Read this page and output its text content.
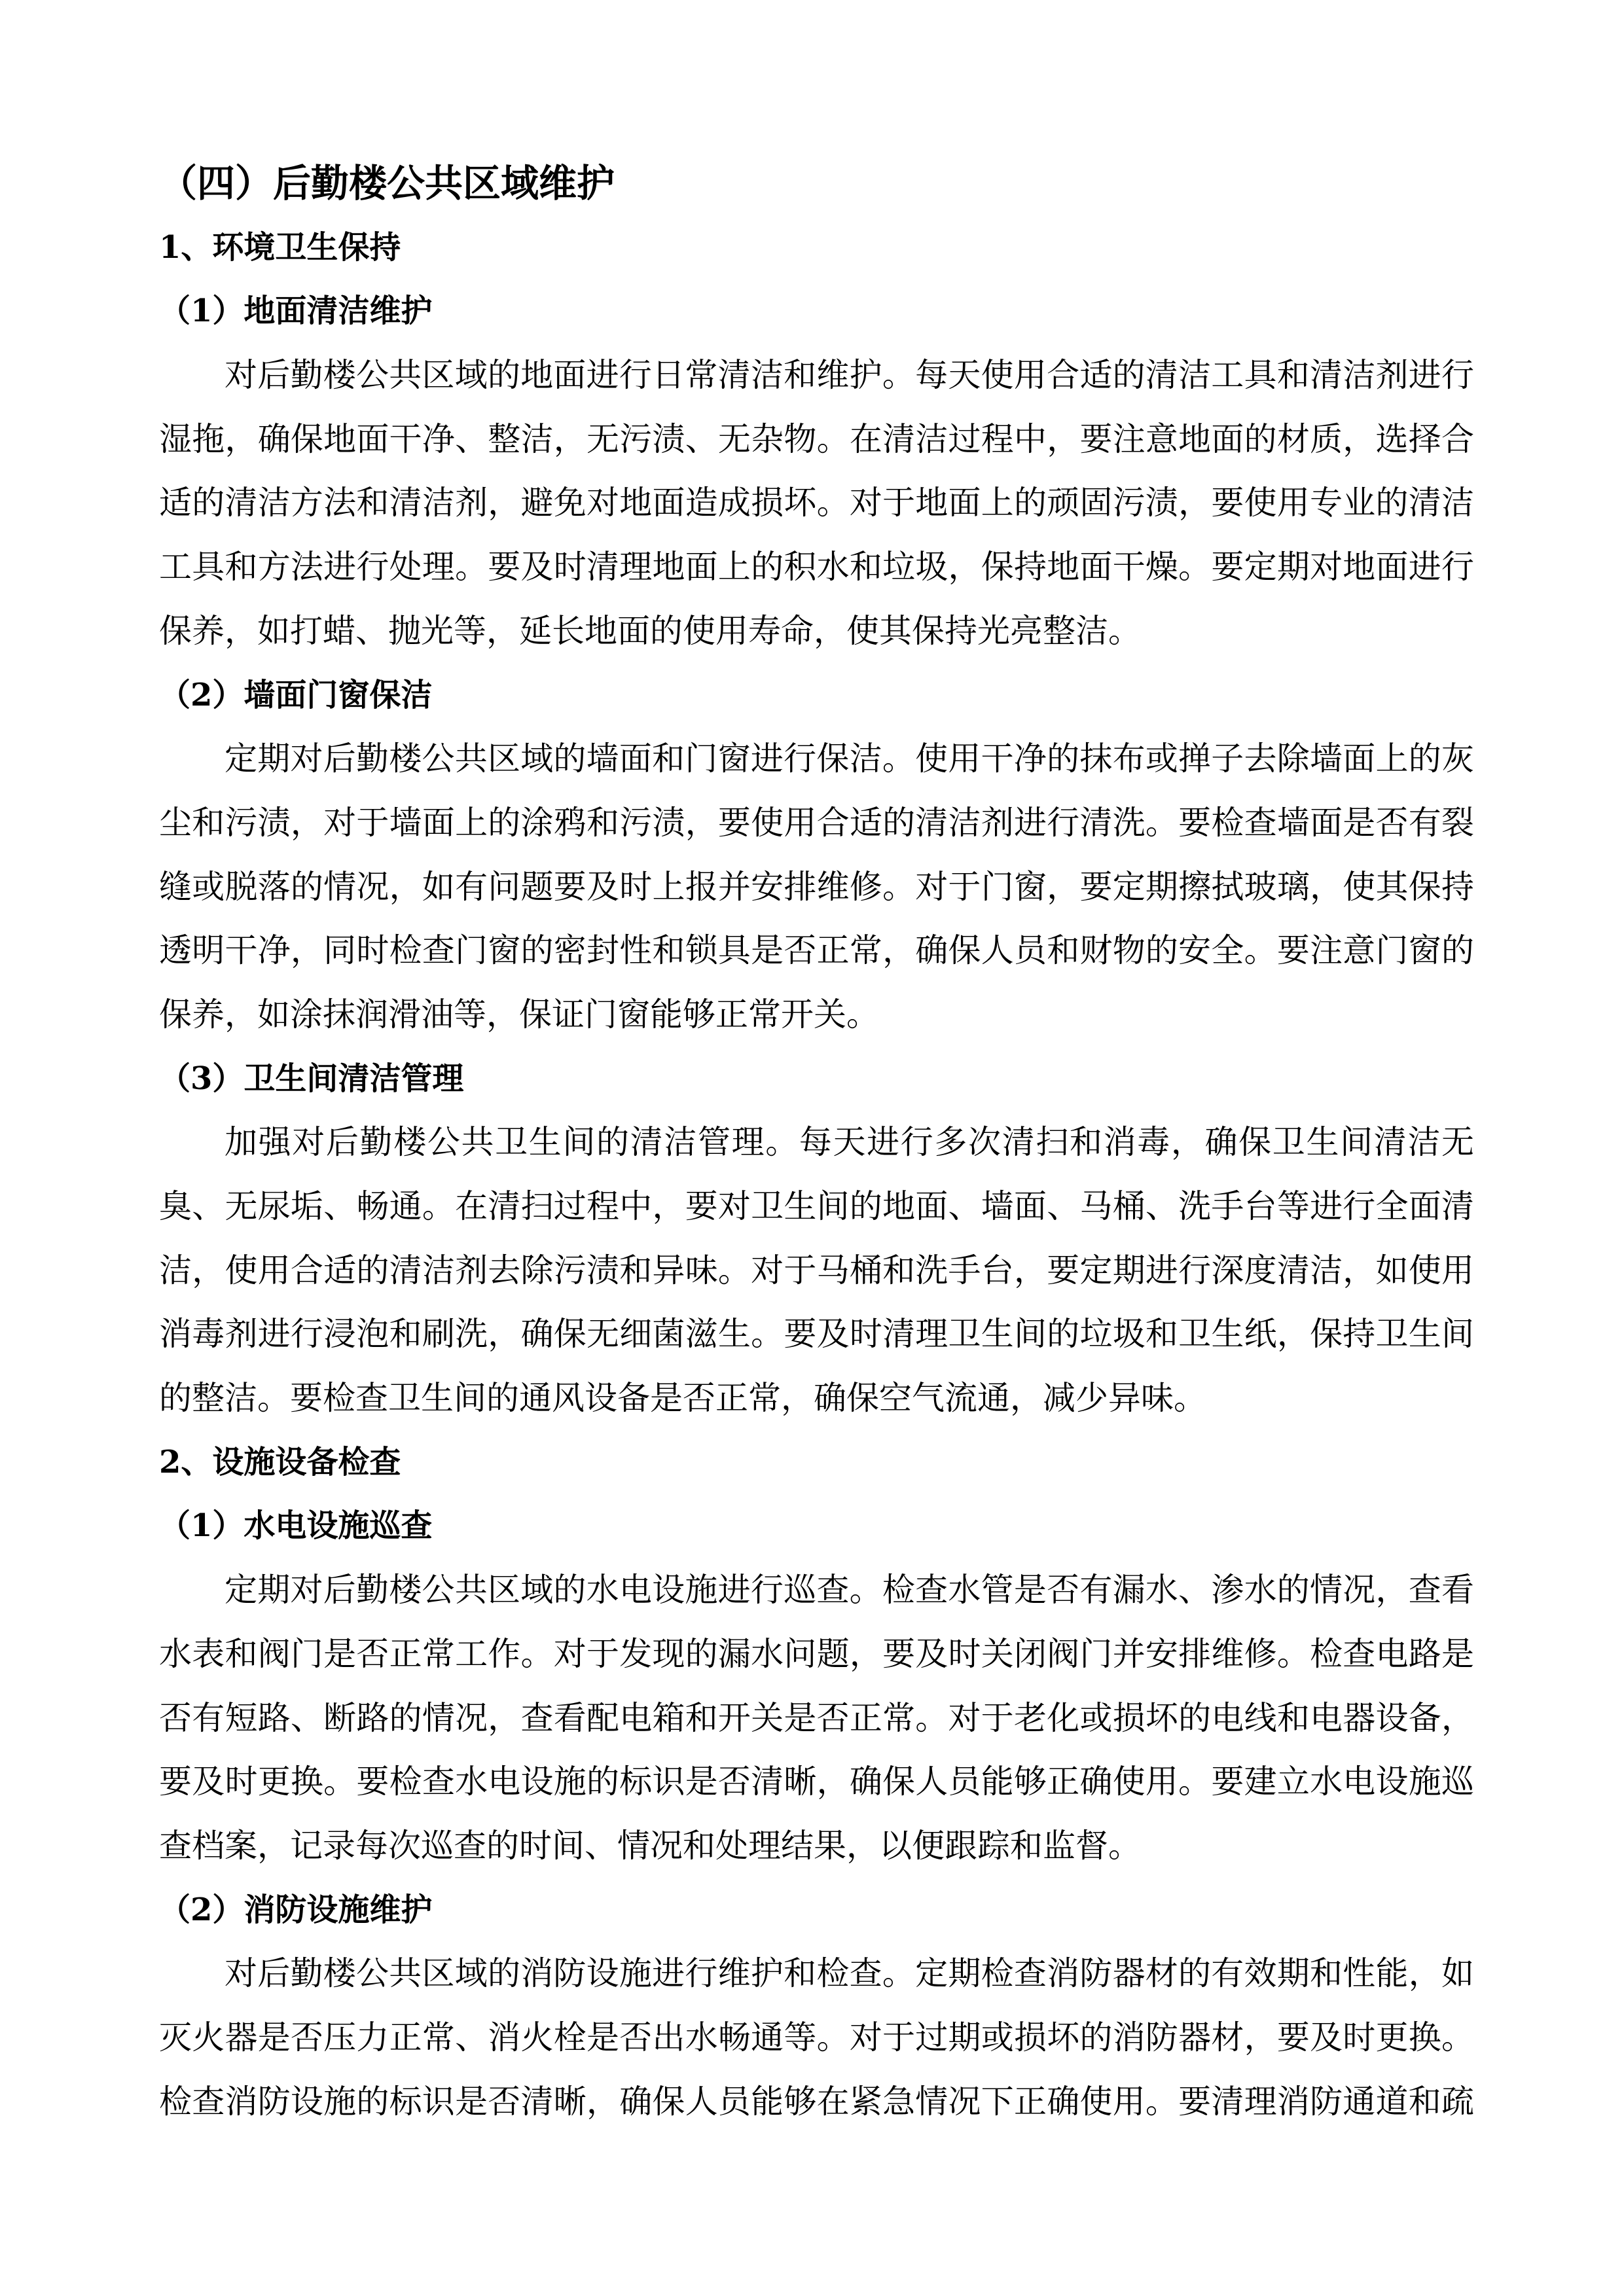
（四）后勤楼公共区域维护
1、环境卫生保持
（1）地面清洁维护
对后勤楼公共区域的地面进行日常清洁和维护。每天使用合适的清洁工具和清洁剂进行
湿拖，确保地面干净、整洁，无污渍、无杂物。在清洁过程中，要注意地面的材质，选择合
适的清洁方法和清洁剂，避免对地面造成损坏。对于地面上的顽固污渍，要使用专业的清洁
工具和方法进行处理。要及时清理地面上的积水和垃圾，保持地面干燥。要定期对地面进行
保养，如打蜡、抛光等，延长地面的使用寿命，使其保持光亮整洁。
（2）墙面门窗保洁
定期对后勤楼公共区域的墙面和门窗进行保洁。使用干净的抹布或掸子去除墙面上的灰
尘和污渍，对于墙面上的涂鸦和污渍，要使用合适的清洁剂进行清洗。要检查墙面是否有裂
缝或脱落的情况，如有问题要及时上报并安排维修。对于门窗，要定期擦拭玻璃，使其保持
透明干净，同时检查门窗的密封性和锁具是否正常，确保人员和财物的安全。要注意门窗的
保养，如涂抹润滑油等，保证门窗能够正常开关。
（3）卫生间清洁管理
加强对后勤楼公共卫生间的清洁管理。每天进行多次清扫和消毒，确保卫生间清洁无
臭、无尿垢、畅通。在清扫过程中，要对卫生间的地面、墙面、马桶、洗手台等进行全面清
洁，使用合适的清洁剂去除污渍和异味。对于马桶和洗手台，要定期进行深度清洁，如使用
消毒剂进行浸泡和刷洗，确保无细菌滋生。要及时清理卫生间的垃圾和卫生纸，保持卫生间
的整洁。要检查卫生间的通风设备是否正常，确保空气流通，减少异味。
2、设施设备检查
（1）水电设施巡查
定期对后勤楼公共区域的水电设施进行巡查。检查水管是否有漏水、渗水的情况，查看
水表和阀门是否正常工作。对于发现的漏水问题，要及时关闭阀门并安排维修。检查电路是
否有短路、断路的情况，查看配电箱和开关是否正常。对于老化或损坏的电线和电器设备，
要及时更换。要检查水电设施的标识是否清晰，确保人员能够正确使用。要建立水电设施巡
查档案，记录每次巡查的时间、情况和处理结果，以便跟踪和监督。
（2）消防设施维护
对后勤楼公共区域的消防设施进行维护和检查。定期检查消防器材的有效期和性能，如
灭火器是否压力正常、消火栓是否出水畅通等。对于过期或损坏的消防器材，要及时更换。
检查消防设施的标识是否清晰，确保人员能够在紧急情况下正确使用。要清理消防通道和疏
